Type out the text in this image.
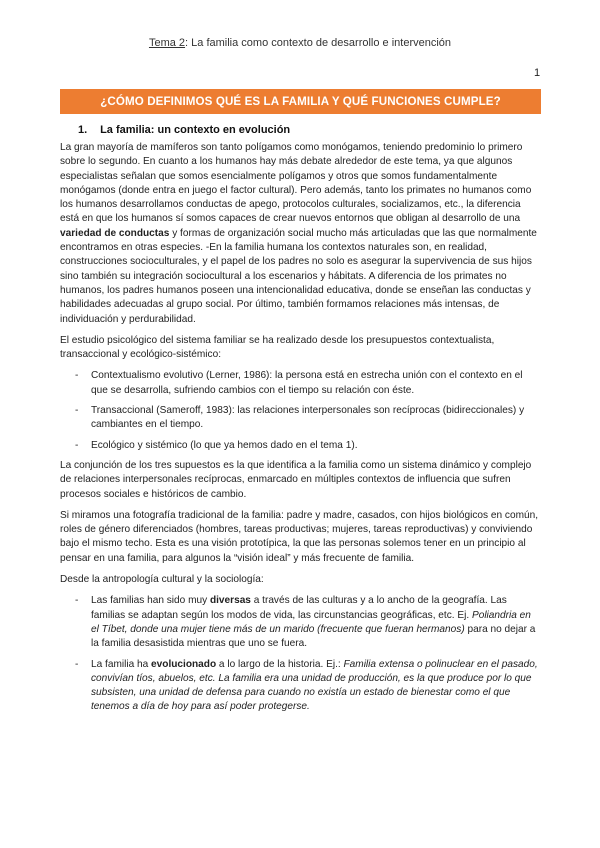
Tema 2: La familia como contexto de desarrollo e intervención
1
¿CÓMO DEFINIMOS QUÉ ES LA FAMILIA Y QUÉ FUNCIONES CUMPLE?
1. La familia: un contexto en evolución

La gran mayoría de mamíferos son tanto polígamos como monógamos, teniendo predominio lo primero sobre lo segundo. En cuanto a los humanos hay más debate alrededor de este tema, ya que algunos especialistas señalan que somos esencialmente polígamos y otros que somos fundamentalmente monógamos (donde entra en juego el factor cultural). Pero además, tanto los primates no humanos como los humanos desarrollamos conductas de apego, protocolos culturales, socializamos, etc., la diferencia está en que los humanos sí somos capaces de crear nuevos entornos que obligan al desarrollo de una variedad de conductas y formas de organización social mucho más articuladas que las que normalmente encontramos en otras especies. -En la familia humana los contextos naturales son, en realidad, construcciones socioculturales, y el papel de los padres no solo es asegurar la supervivencia de sus hijos sino también su integración sociocultural a los escenarios y hábitats. A diferencia de los primates no humanos, los padres humanos poseen una intencionalidad educativa, donde se enseñan las conductas y habilidades adecuadas al grupo social. Por último, también formamos relaciones más intensas, de individuación y perdurabilidad.

El estudio psicológico del sistema familiar se ha realizado desde los presupuestos contextualista, transaccional y ecológico-sistémico:

- Contextualismo evolutivo (Lerner, 1986): la persona está en estrecha unión con el contexto en el que se desarrolla, sufriendo cambios con el tiempo su relación con éste.
- Transaccional (Sameroff, 1983): las relaciones interpersonales son recíprocas (bidireccionales) y cambiantes en el tiempo.
- Ecológico y sistémico (lo que ya hemos dado en el tema 1).

La conjunción de los tres supuestos es la que identifica a la familia como un sistema dinámico y complejo de relaciones interpersonales recíprocas, enmarcado en múltiples contextos de influencia que sufren procesos sociales e históricos de cambio.

Si miramos una fotografía tradicional de la familia: padre y madre, casados, con hijos biológicos en común, roles de género diferenciados (hombres, tareas productivas; mujeres, tareas reproductivas) y conviviendo bajo el mismo techo. Esta es una visión prototípica, la que las personas solemos tener en un principio al pensar en una familia, para algunos la “visión ideal” y más frecuente de familia.

Desde la antropología cultural y la sociología:

- Las familias han sido muy diversas a través de las culturas y a lo ancho de la geografía. Las familias se adaptan según los modos de vida, las circunstancias geográficas, etc. Ej. Poliandria en el Tíbet, donde una mujer tiene más de un marido (frecuente que fueran hermanos) para no dejar a la familia desasistida mientras que uno se fuera.
- La familia ha evolucionado a lo largo de la historia. Ej.: Familia extensa o polinuclear en el pasado, convivían tíos, abuelos, etc. La familia era una unidad de producción, es la que produce por lo que subsisten, una unidad de defensa para cuando no existía un estado de bienestar como el que tenemos a día de hoy para así poder protegerse.
